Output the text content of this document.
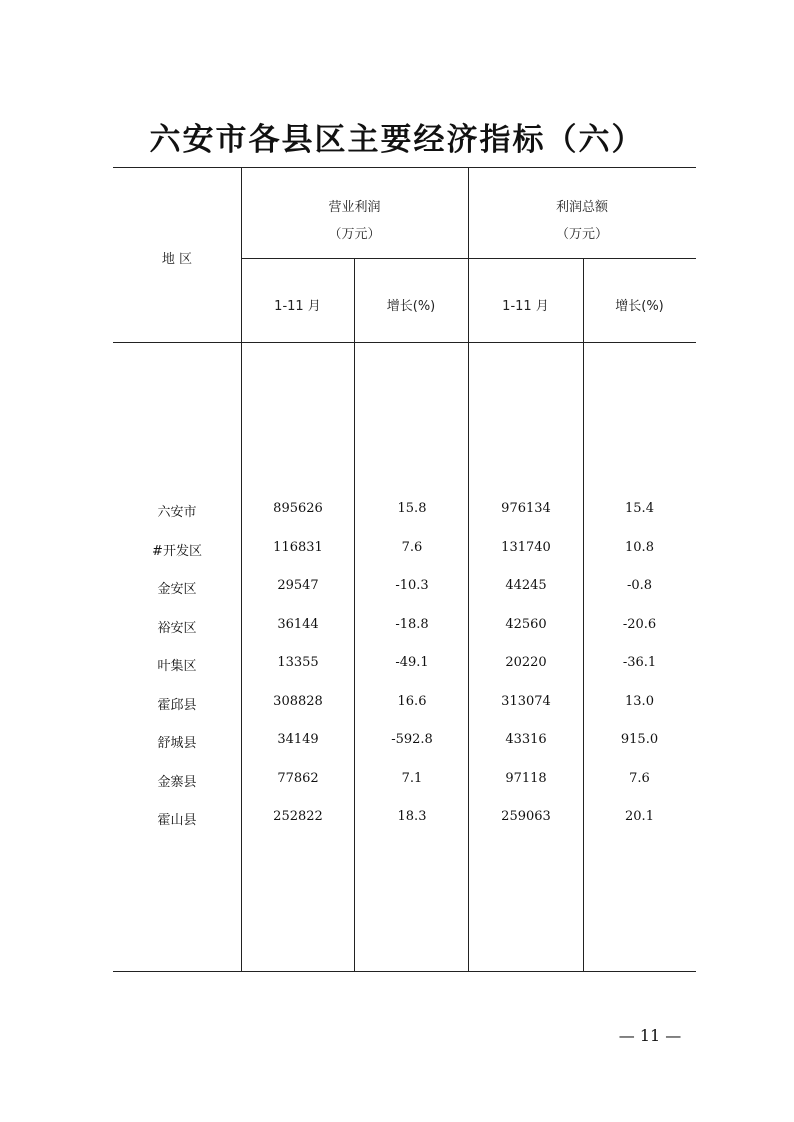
六安市各县区主要经济指标（六）
地 区
营业利润
（万元）
利润总额
（万元）
1-11 月	增长(%)	1-11 月	增长(%)
六安市	895626	15.8	976134	15.4
#开发区	116831	7.6	131740	10.8
金安区	29547	-10.3	44245	-0.8
裕安区	36144	-18.8	42560	-20.6
叶集区	13355	-49.1	20220	-36.1
霍邱县	308828	16.6	313074	13.0
舒城县	34149	-592.8	43316	915.0
金寨县	77862	7.1	97118	7.6
霍山县	252822	18.3	259063	20.1
— 11 —
